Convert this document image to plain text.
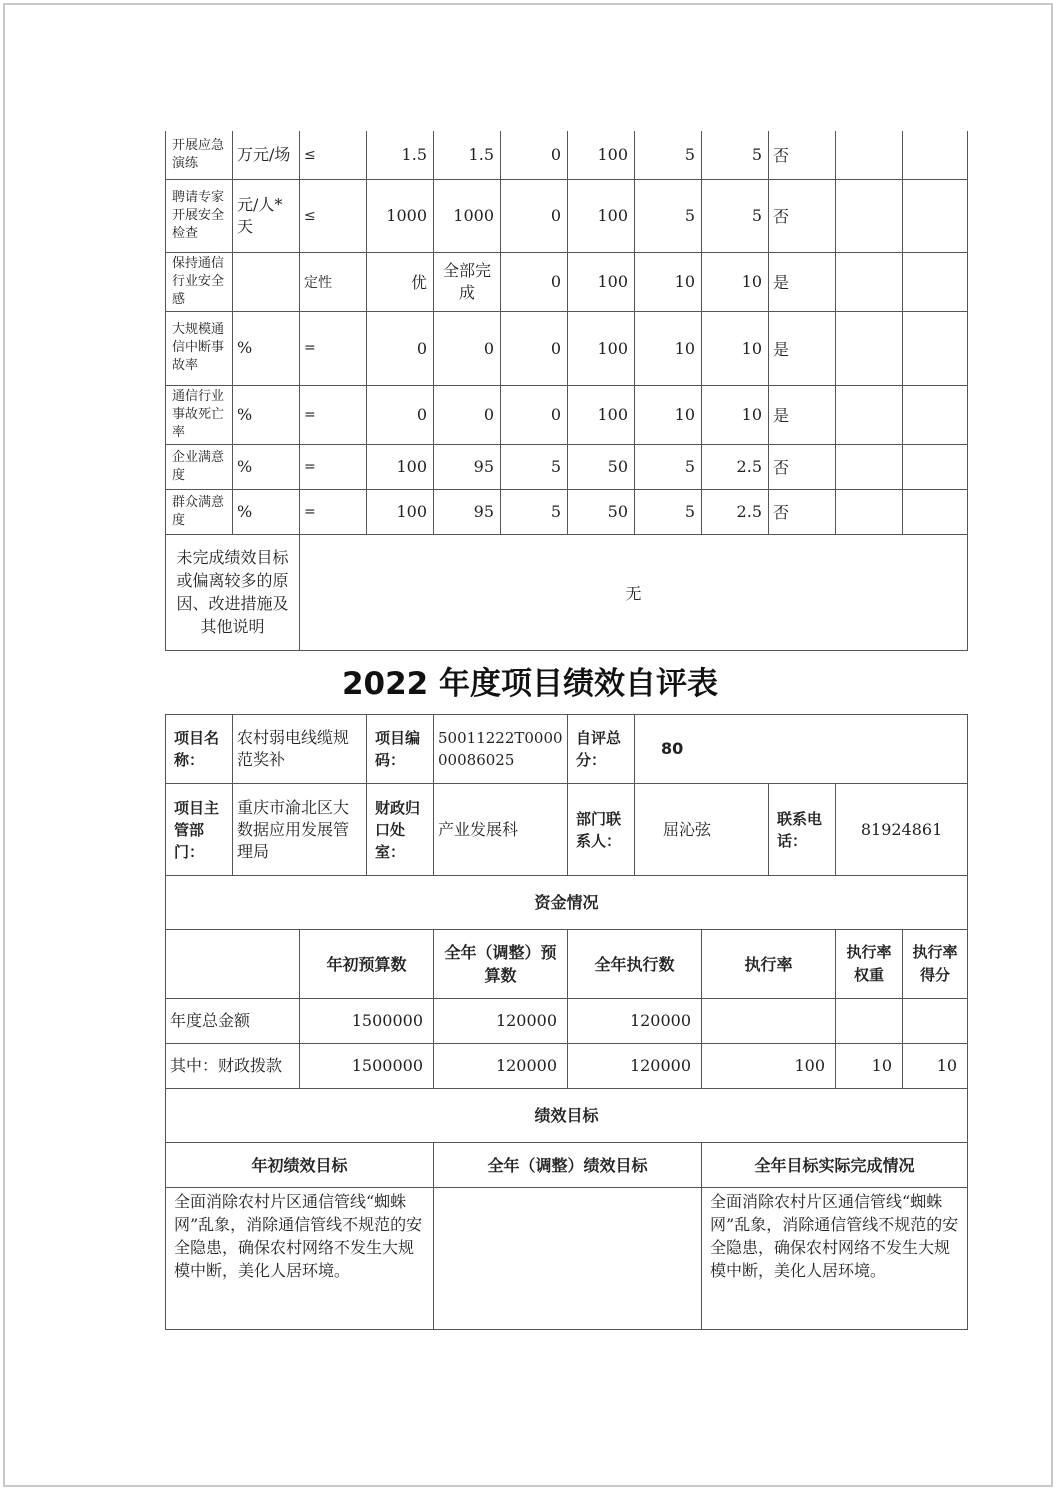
开展应急演练	万元/场	≤	1.5	1.5	0	100	5	5	否		
聘请专家开展安全检查	元/人*天	≤	1000	1000	0	100	5	5	否		
保持通信行业安全感		定性	优	全部完成	0	100	10	10	是		
大规模通信中断事故率	%	=	0	0	0	100	10	10	是		
通信行业事故死亡率	%	=	0	0	0	100	10	10	是		
企业满意度	%	=	100	95	5	50	5	2.5	否		
群众满意度	%	=	100	95	5	50	5	2.5	否		
未完成绩效目标或偏离较多的原因、改进措施及其他说明		无									
2022 年度项目绩效自评表
项目名称：	农村弱电线缆规范奖补		项目编码：	50011222T000000086025	自评总分：	80				
项目主管部门：	重庆市渝北区大数据应用发展管理局		财政归口处室：	产业发展科	部门联系人：	屈沁弦		联系电话：	81924861	
资金情况										
		年初预算数		全年（调整）预算数	全年执行数		执行率		执行率权重	执行率得分
年度总金额		1500000		120000	120000					
其中：财政拨款		1500000		120000	120000		100		10	10
绩效目标										
年初绩效目标				全年（调整）绩效目标			全年目标实际完成情况			
全面消除农村片区通信管线“蜘蛛网”乱象，消除通信管线不规范的安全隐患，确保农村网络不发生大规模中断，美化人居环境。							全面消除农村片区通信管线“蜘蛛网”乱象，消除通信管线不规范的安全隐患，确保农村网络不发生大规模中断，美化人居环境。			
